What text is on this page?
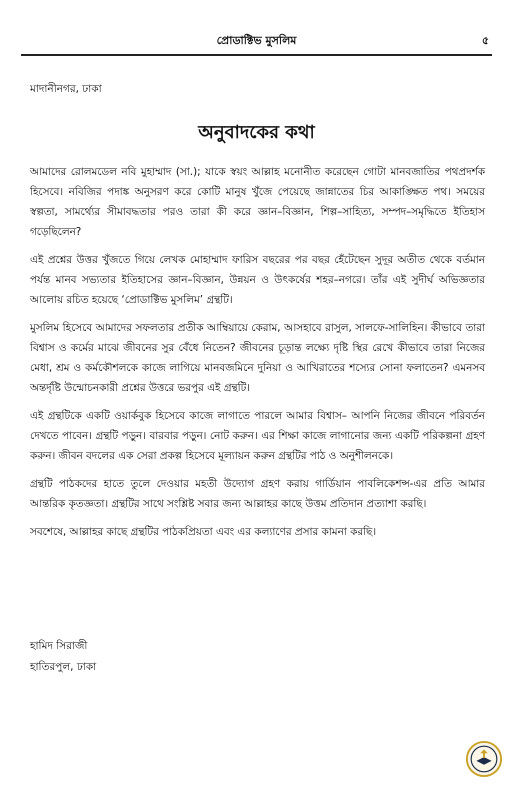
প্রোডাক্টিভ মুসলিম	৫
মাদানীনগর, ঢাকা
অনুবাদকের কথা

আমাদের রোলমডেল নবি মুহাম্মাদ (সা.); যাকে স্বয়ং আল্লাহ মনোনীত করেছেন গোটা মানবজাতির পথপ্রদর্শক হিসেবে। নবিজির পদাঙ্ক অনুসরণ করে কোটি মানুষ খুঁজে পেয়েছে জান্নাতের চির আকাঙ্ক্ষিত পথ। সময়ের স্বল্পতা, সামর্থ্যের সীমাবদ্ধতার পরও তারা কী করে জ্ঞান–বিজ্ঞান, শিল্প–সাহিত্য, সম্পদ–সমৃদ্ধিতে ইতিহাস গড়েছিলেন?

এই প্রশ্নের উত্তর খুঁজতে গিয়ে লেখক মোহাম্মাদ ফারিস বছরের পর বছর হেঁটেছেন সুদূর অতীত থেকে বর্তমান পর্যন্ত মানব সভ্যতার ইতিহাসের জ্ঞান–বিজ্ঞান, উন্নয়ন ও উৎকর্ষের শহর–নগরে। তাঁর এই সুদীর্ঘ অভিজ্ঞতার আলোয় রচিত হয়েছে ‘প্রোডাক্টিভ মুসলিম’ গ্রন্থটি।

মুসলিম হিসেবে আমাদের সফলতার প্রতীক আম্বিয়ায়ে কেরাম, আসহাবে রাসুল, সালফে-সালিহিন। কীভাবে তারা বিশ্বাস ও কর্মের মাঝে জীবনের সুর বেঁধে নিতেন? জীবনের চূড়ান্ত লক্ষ্যে দৃষ্টি স্থির রেখে কীভাবে তারা নিজের মেধা, শ্রম ও কর্মকৌশলকে কাজে লাগিয়ে মানবজমিনে দুনিয়া ও আখিরাতের শস্যের সোনা ফলাতেন? এমনসব অন্তর্দৃষ্টি উন্মোচনকারী প্রশ্নের উত্তরে ভরপুর এই গ্রন্থটি।

এই গ্রন্থটিকে একটি ওয়ার্কবুক হিসেবে কাজে লাগাতে পারলে আমার বিশ্বাস– আপনি নিজের জীবনে পরিবর্তন দেখতে পাবেন। গ্রন্থটি পড়ুন। বারবার পড়ুন। নোট করুন। এর শিক্ষা কাজে লাগানোর জন্য একটি পরিকল্পনা গ্রহণ করুন। জীবন বদলের এক সেরা প্রকল্প হিসেবে মূল্যায়ন করুন গ্রন্থটির পাঠ ও অনুশীলনকে।

গ্রন্থটি পাঠকদের হাতে তুলে দেওয়ার মহতী উদ্যোগ গ্রহণ করায় গার্ডিয়ান পাবলিকেশন্স-এর প্রতি আমার আন্তরিক কৃতজ্ঞতা। গ্রন্থটির সাথে সংশ্লিষ্ট সবার জন্য আল্লাহর কাছে উত্তম প্রতিদান প্রত্যাশা করছি।

সবশেষে, আল্লাহর কাছে গ্রন্থটির পাঠকপ্রিয়তা এবং এর কল্যাণের প্রসার কামনা করছি।

হামিদ সিরাজী
হাতিরপুল, ঢাকা
